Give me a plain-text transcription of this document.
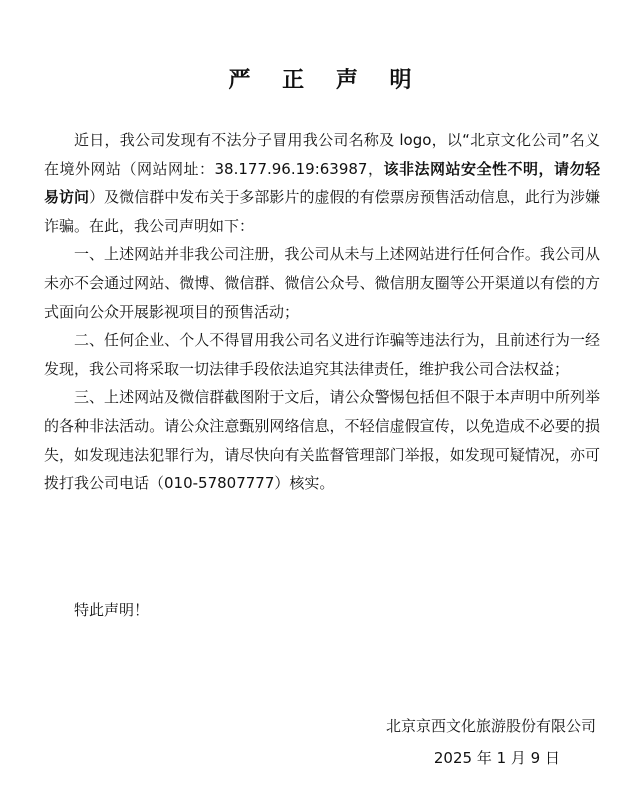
严 正 声 明

近日，我公司发现有不法分子冒用我公司名称及 logo，以“北京文化公司”名义在境外网站（网站网址：38.177.96.19:63987，该非法网站安全性不明，请勿轻易访问）及微信群中发布关于多部影片的虚假的有偿票房预售活动信息，此行为涉嫌诈骗。在此，我公司声明如下：

一、上述网站并非我公司注册，我公司从未与上述网站进行任何合作。我公司从未亦不会通过网站、微博、微信群、微信公众号、微信朋友圈等公开渠道以有偿的方式面向公众开展影视项目的预售活动；

二、任何企业、个人不得冒用我公司名义进行诈骗等违法行为，且前述行为一经发现，我公司将采取一切法律手段依法追究其法律责任，维护我公司合法权益；

三、上述网站及微信群截图附于文后，请公众警惕包括但不限于本声明中所列举的各种非法活动。请公众注意甄别网络信息，不轻信虚假宣传，以免造成不必要的损失，如发现违法犯罪行为，请尽快向有关监督管理部门举报，如发现可疑情况，亦可拨打我公司电话（010-57807777）核实。

特此声明！

北京京西文化旅游股份有限公司

2025 年 1 月 9 日
